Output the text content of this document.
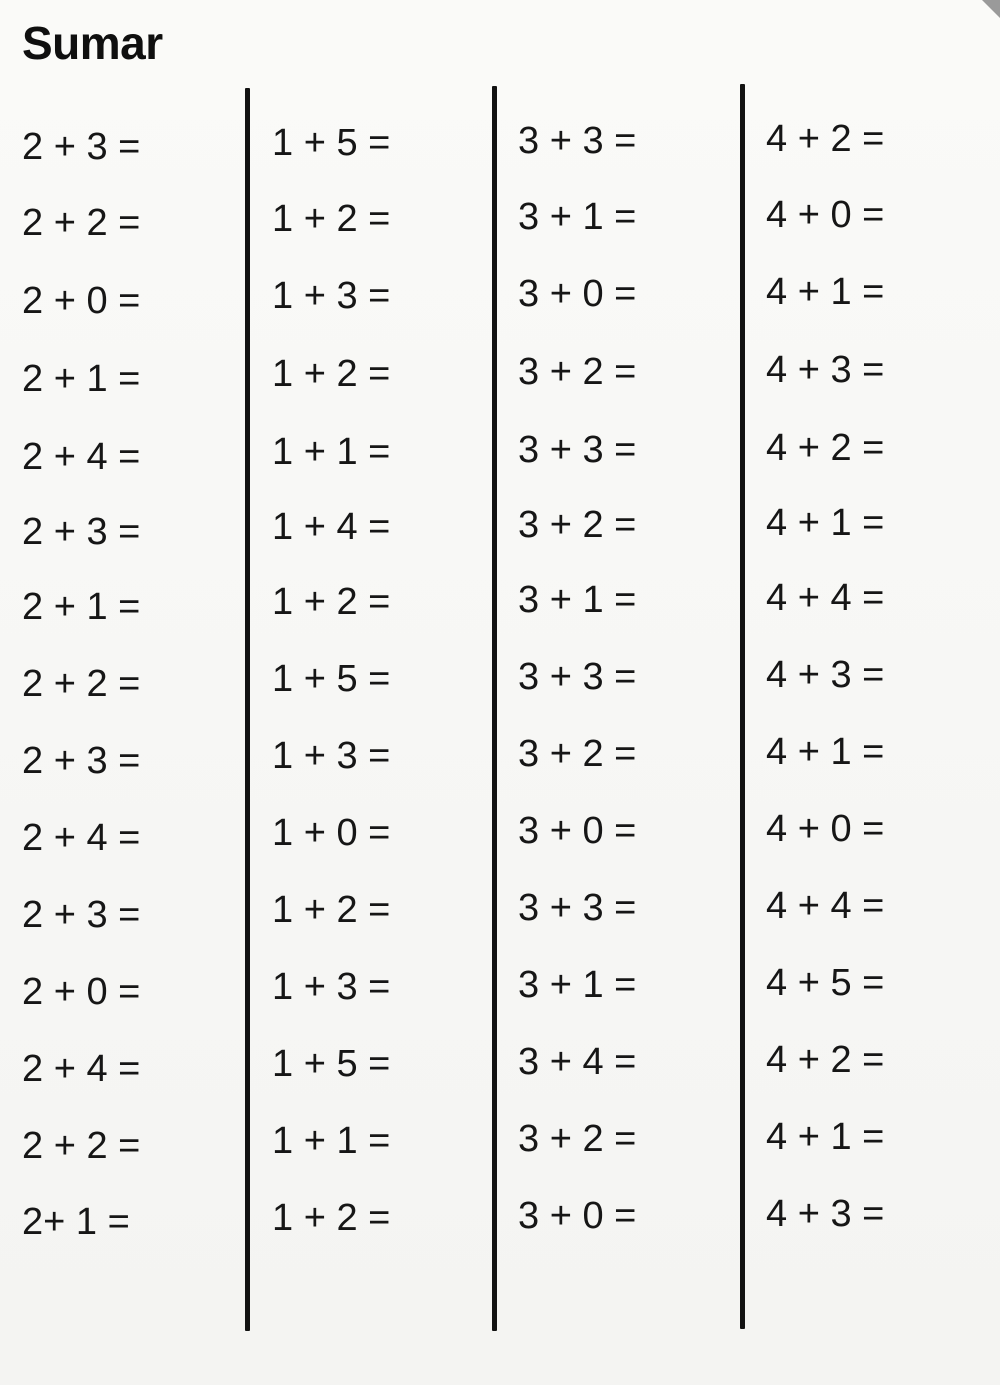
Sumar
2 + 3 =
2 + 2 =
2 + 0 =
2 + 1 =
2 + 4 =
2 + 3 =
2 + 1 =
2 + 2 =
2 + 3 =
2 + 4 =
2 + 3 =
2 + 0 =
2 + 4 =
2 + 2 =
2+ 1 =
1 + 5 =
1 + 2 =
1 + 3 =
1 + 2 =
1 + 1 =
1 + 4 =
1 + 2 =
1 + 5 =
1 + 3 =
1 + 0 =
1 + 2 =
1 + 3 =
1 + 5 =
1 + 1 =
1 + 2 =
3 + 3 =
3 + 1 =
3 + 0 =
3 + 2 =
3 + 3 =
3 + 2 =
3 + 1 =
3 + 3 =
3 + 2 =
3 + 0 =
3 + 3 =
3 + 1 =
3 + 4 =
3 + 2 =
3 + 0 =
4 + 2 =
4 + 0 =
4 + 1 =
4 + 3 =
4 + 2 =
4 + 1 =
4 + 4 =
4 + 3 =
4 + 1 =
4 + 0 =
4 + 4 =
4 + 5 =
4 + 2 =
4 + 1 =
4 + 3 =
